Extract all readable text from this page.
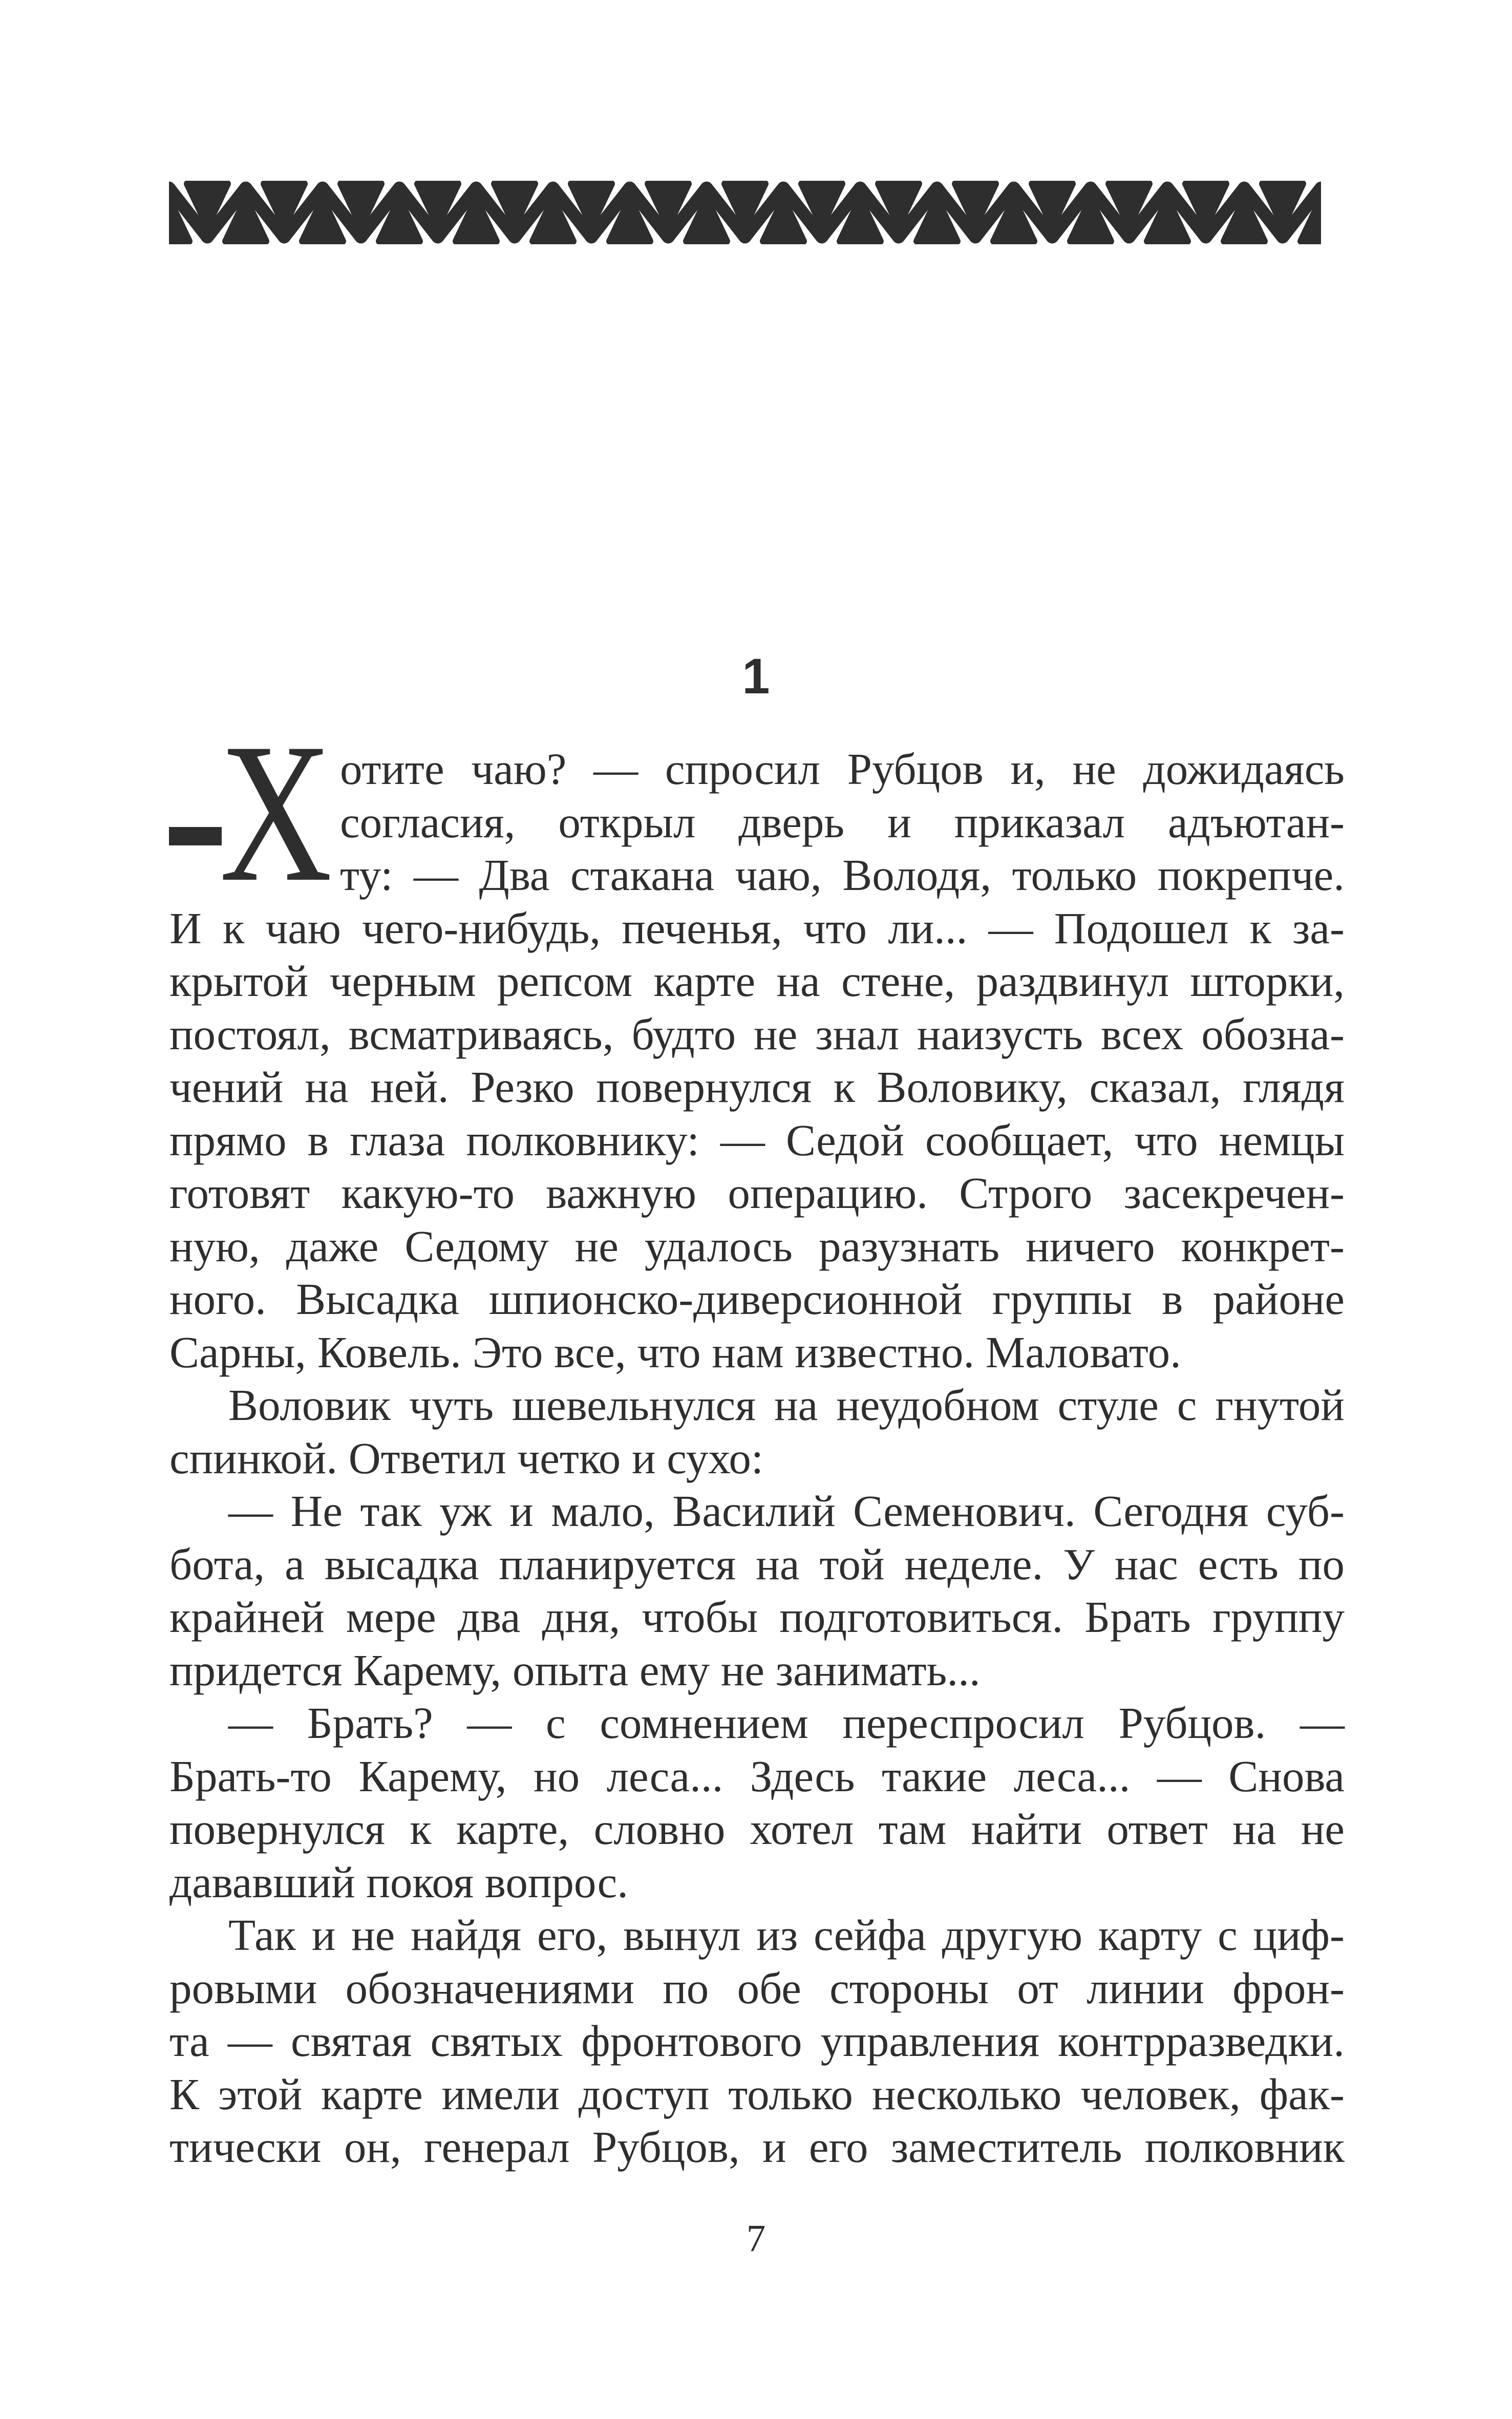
1
Х отите чаю? — спросил Рубцов и, не дожидаясь
согласия, открыл дверь и приказал адъютан-
ту: — Два стакана чаю, Володя, только покрепче.
И к чаю чего-нибудь, печенья, что ли... — Подошел к за-
крытой черным репсом карте на стене, раздвинул шторки,
постоял, всматриваясь, будто не знал наизусть всех обозна-
чений на ней. Резко повернулся к Воловику, сказал, глядя
прямо в глаза полковнику: — Седой сообщает, что немцы
готовят какую-то важную операцию. Строго засекречен-
ную, даже Седому не удалось разузнать ничего конкрет-
ного. Высадка шпионско-диверсионной группы в районе
Сарны, Ковель. Это все, что нам известно. Маловато.
Воловик чуть шевельнулся на неудобном стуле с гнутой
спинкой. Ответил четко и сухо:
— Не так уж и мало, Василий Семенович. Сегодня суб-
бота, а высадка планируется на той неделе. У нас есть по
крайней мере два дня, чтобы подготовиться. Брать группу
придется Карему, опыта ему не занимать...
— Брать? — с сомнением переспросил Рубцов. —
Брать-то Карему, но леса... Здесь такие леса... — Снова
повернулся к карте, словно хотел там найти ответ на не
дававший покоя вопрос.
Так и не найдя его, вынул из сейфа другую карту с циф-
ровыми обозначениями по обе стороны от линии фрон-
та — святая святых фронтового управления контрразведки.
К этой карте имели доступ только несколько человек, фак-
тически он, генерал Рубцов, и его заместитель полковник
7
